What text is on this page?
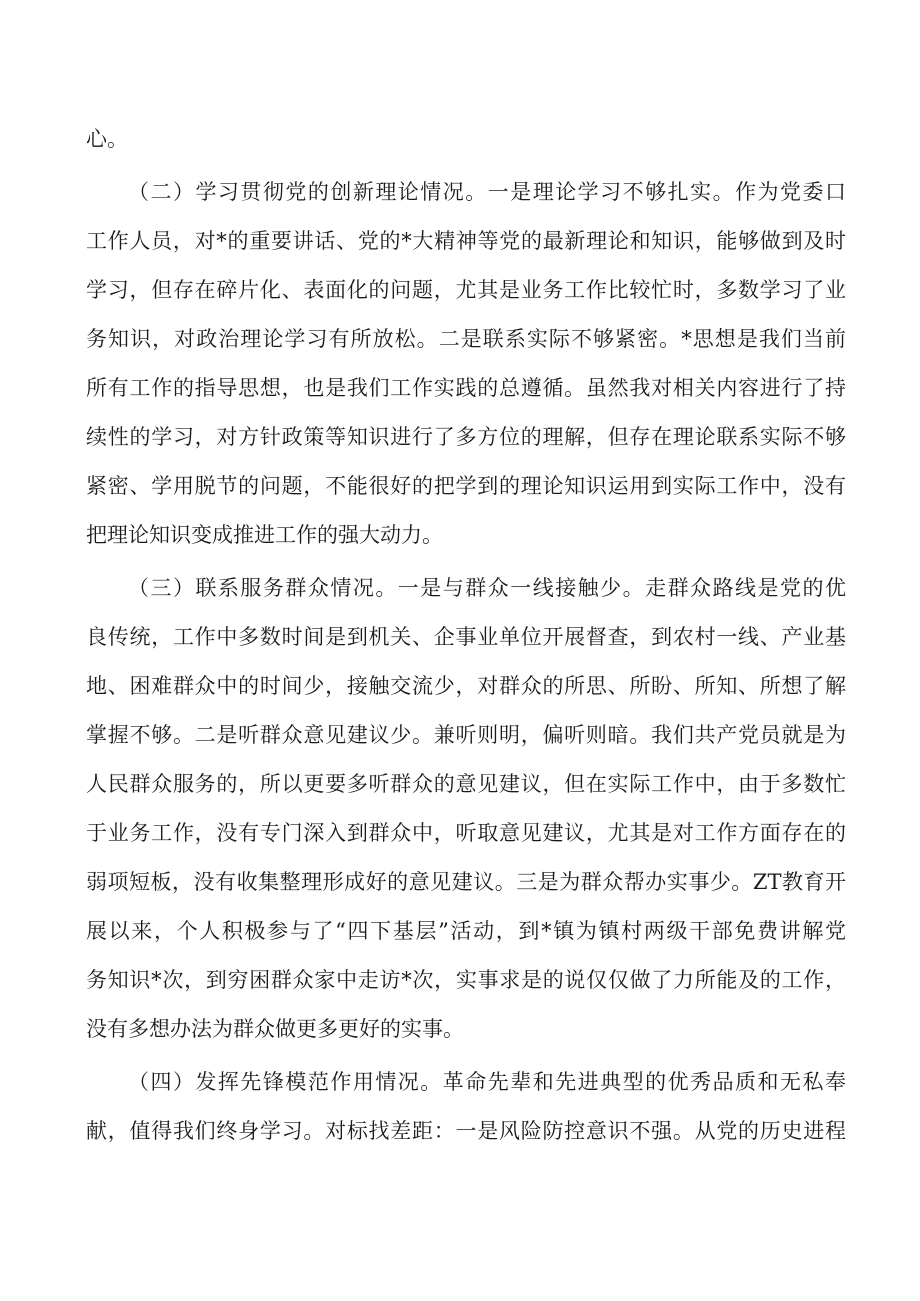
心。
（二）学习贯彻党的创新理论情况。一是理论学习不够扎实。作为党委口
工作人员，对*的重要讲话、党的*大精神等党的最新理论和知识，能够做到及时
学习，但存在碎片化、表面化的问题，尤其是业务工作比较忙时，多数学习了业
务知识，对政治理论学习有所放松。二是联系实际不够紧密。*思想是我们当前
所有工作的指导思想，也是我们工作实践的总遵循。虽然我对相关内容进行了持
续性的学习，对方针政策等知识进行了多方位的理解，但存在理论联系实际不够
紧密、学用脱节的问题，不能很好的把学到的理论知识运用到实际工作中，没有
把理论知识变成推进工作的强大动力。
（三）联系服务群众情况。一是与群众一线接触少。走群众路线是党的优
良传统，工作中多数时间是到机关、企事业单位开展督查，到农村一线、产业基
地、困难群众中的时间少，接触交流少，对群众的所思、所盼、所知、所想了解
掌握不够。二是听群众意见建议少。兼听则明，偏听则暗。我们共产党员就是为
人民群众服务的，所以更要多听群众的意见建议，但在实际工作中，由于多数忙
于业务工作，没有专门深入到群众中，听取意见建议，尤其是对工作方面存在的
弱项短板，没有收集整理形成好的意见建议。三是为群众帮办实事少。ZT教育开
展以来，个人积极参与了“四下基层”活动，到*镇为镇村两级干部免费讲解党
务知识*次，到穷困群众家中走访*次，实事求是的说仅仅做了力所能及的工作，
没有多想办法为群众做更多更好的实事。
（四）发挥先锋模范作用情况。革命先辈和先进典型的优秀品质和无私奉
献，值得我们终身学习。对标找差距：一是风险防控意识不强。从党的历史进程
